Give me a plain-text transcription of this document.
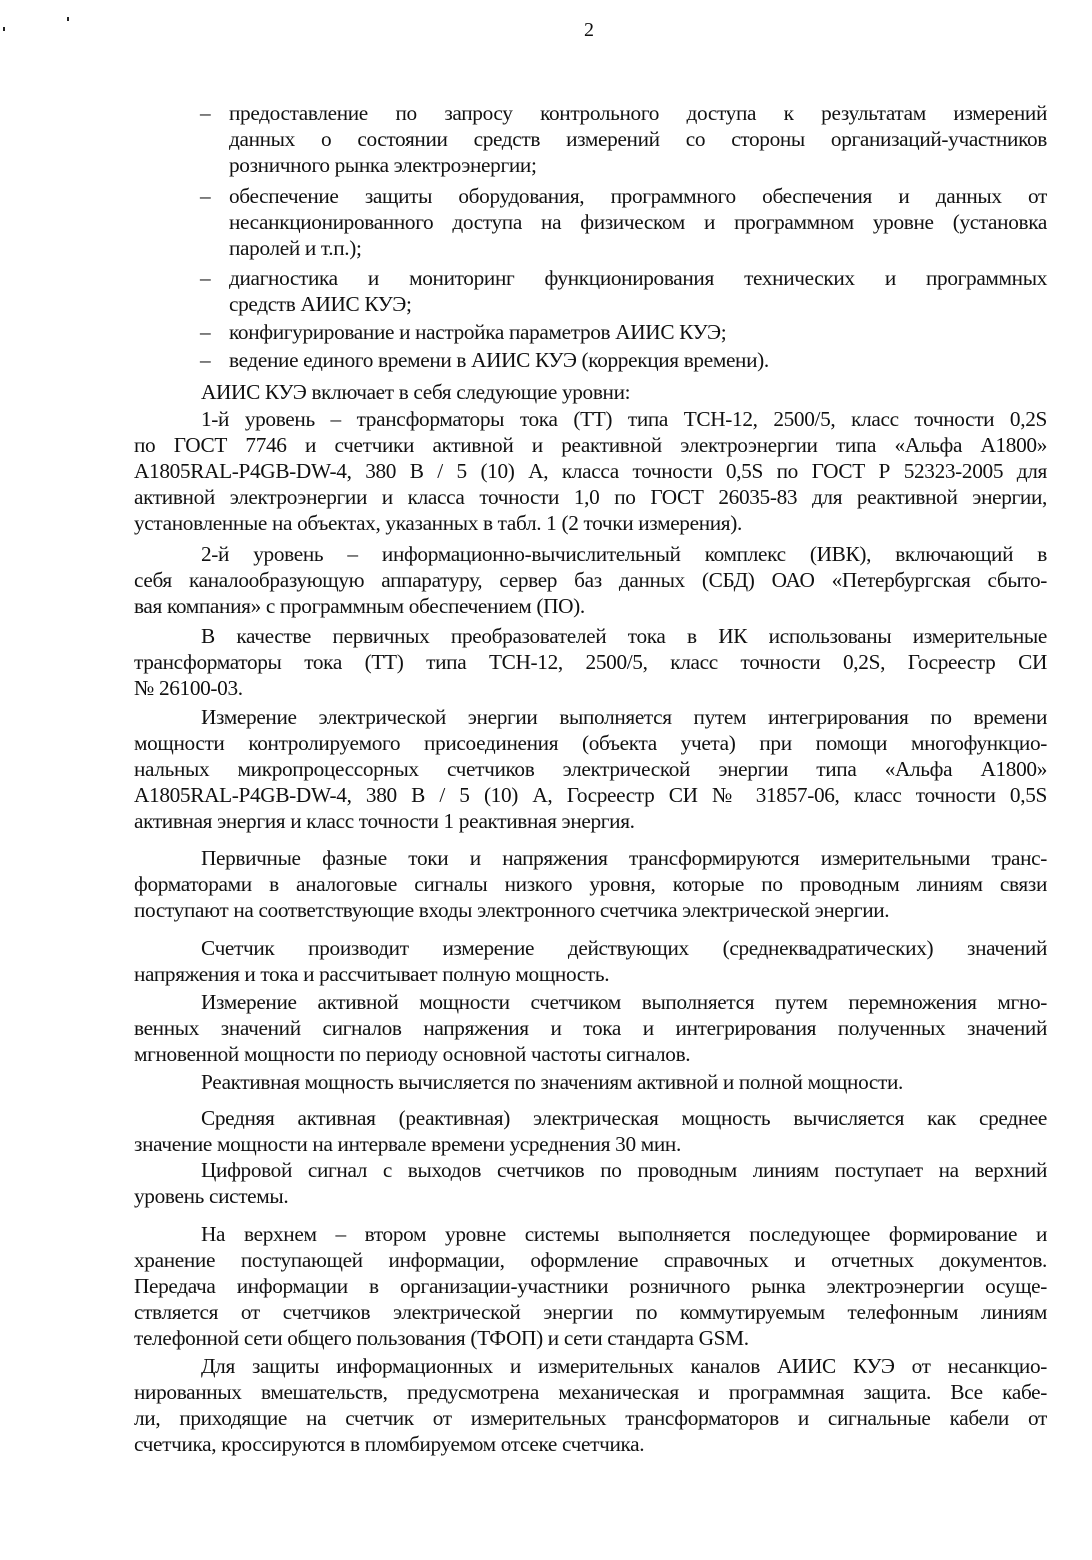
2
– предоставление по запросу контрольного доступа к результатам измерений
данных о состоянии средств измерений со стороны организаций-участников
розничного рынка электроэнергии;
– обеспечение защиты оборудования, программного обеспечения и данных от
несанкционированного доступа на физическом и программном уровне (установка
паролей и т.п.);
– диагностика и мониторинг функционирования технических и программных
средств АИИС КУЭ;
– конфигурирование и настройка параметров АИИС КУЭ;
– ведение единого времени в АИИС КУЭ (коррекция времени).
АИИС КУЭ включает в себя следующие уровни:
1-й уровень – трансформаторы тока (ТТ) типа ТСН-12, 2500/5, класс точности 0,2S
по ГОСТ 7746 и счетчики активной и реактивной электроэнергии типа «Альфа А1800»
A1805RAL-P4GB-DW-4, 380 В / 5 (10) А, класса точности 0,5S по ГОСТ Р 52323-2005 для
активной электроэнергии и класса точности 1,0 по ГОСТ 26035-83 для реактивной энергии,
установленные на объектах, указанных в табл. 1 (2 точки измерения).
2-й уровень – информационно-вычислительный комплекс (ИВК), включающий в
себя каналообразующую аппаратуру, сервер баз данных (СБД) ОАО «Петербургская сбыто-
вая компания» с программным обеспечением (ПО).
В качестве первичных преобразователей тока в ИК использованы измерительные
трансформаторы тока (ТТ) типа ТСН-12, 2500/5, класс точности 0,2S, Госреестр СИ
№ 26100-03.
Измерение электрической энергии выполняется путем интегрирования по времени
мощности контролируемого присоединения (объекта учета) при помощи многофункцио-
нальных микропроцессорных счетчиков электрической энергии типа «Альфа А1800»
A1805RAL-P4GB-DW-4, 380 В / 5 (10) А, Госреестр СИ № 31857-06, класс точности 0,5S
активная энергия и класс точности 1 реактивная энергия.
Первичные фазные токи и напряжения трансформируются измерительными транс-
форматорами в аналоговые сигналы низкого уровня, которые по проводным линиям связи
поступают на соответствующие входы электронного счетчика электрической энергии.
Счетчик производит измерение действующих (среднеквадратических) значений
напряжения и тока и рассчитывает полную мощность.
Измерение активной мощности счетчиком выполняется путем перемножения мгно-
венных значений сигналов напряжения и тока и интегрирования полученных значений
мгновенной мощности по периоду основной частоты сигналов.
Реактивная мощность вычисляется по значениям активной и полной мощности.
Средняя активная (реактивная) электрическая мощность вычисляется как среднее
значение мощности на интервале времени усреднения 30 мин.
Цифровой сигнал с выходов счетчиков по проводным линиям поступает на верхний
уровень системы.
На верхнем – втором уровне системы выполняется последующее формирование и
хранение поступающей информации, оформление справочных и отчетных документов.
Передача информации в организации-участники розничного рынка электроэнергии осуще-
ствляется от счетчиков электрической энергии по коммутируемым телефонным линиям
телефонной сети общего пользования (ТФОП) и сети стандарта GSM.
Для защиты информационных и измерительных каналов АИИС КУЭ от несанкцио-
нированных вмешательств, предусмотрена механическая и программная защита. Все кабе-
ли, приходящие на счетчик от измерительных трансформаторов и сигнальные кабели от
счетчика, кроссируются в пломбируемом отсеке счетчика.
